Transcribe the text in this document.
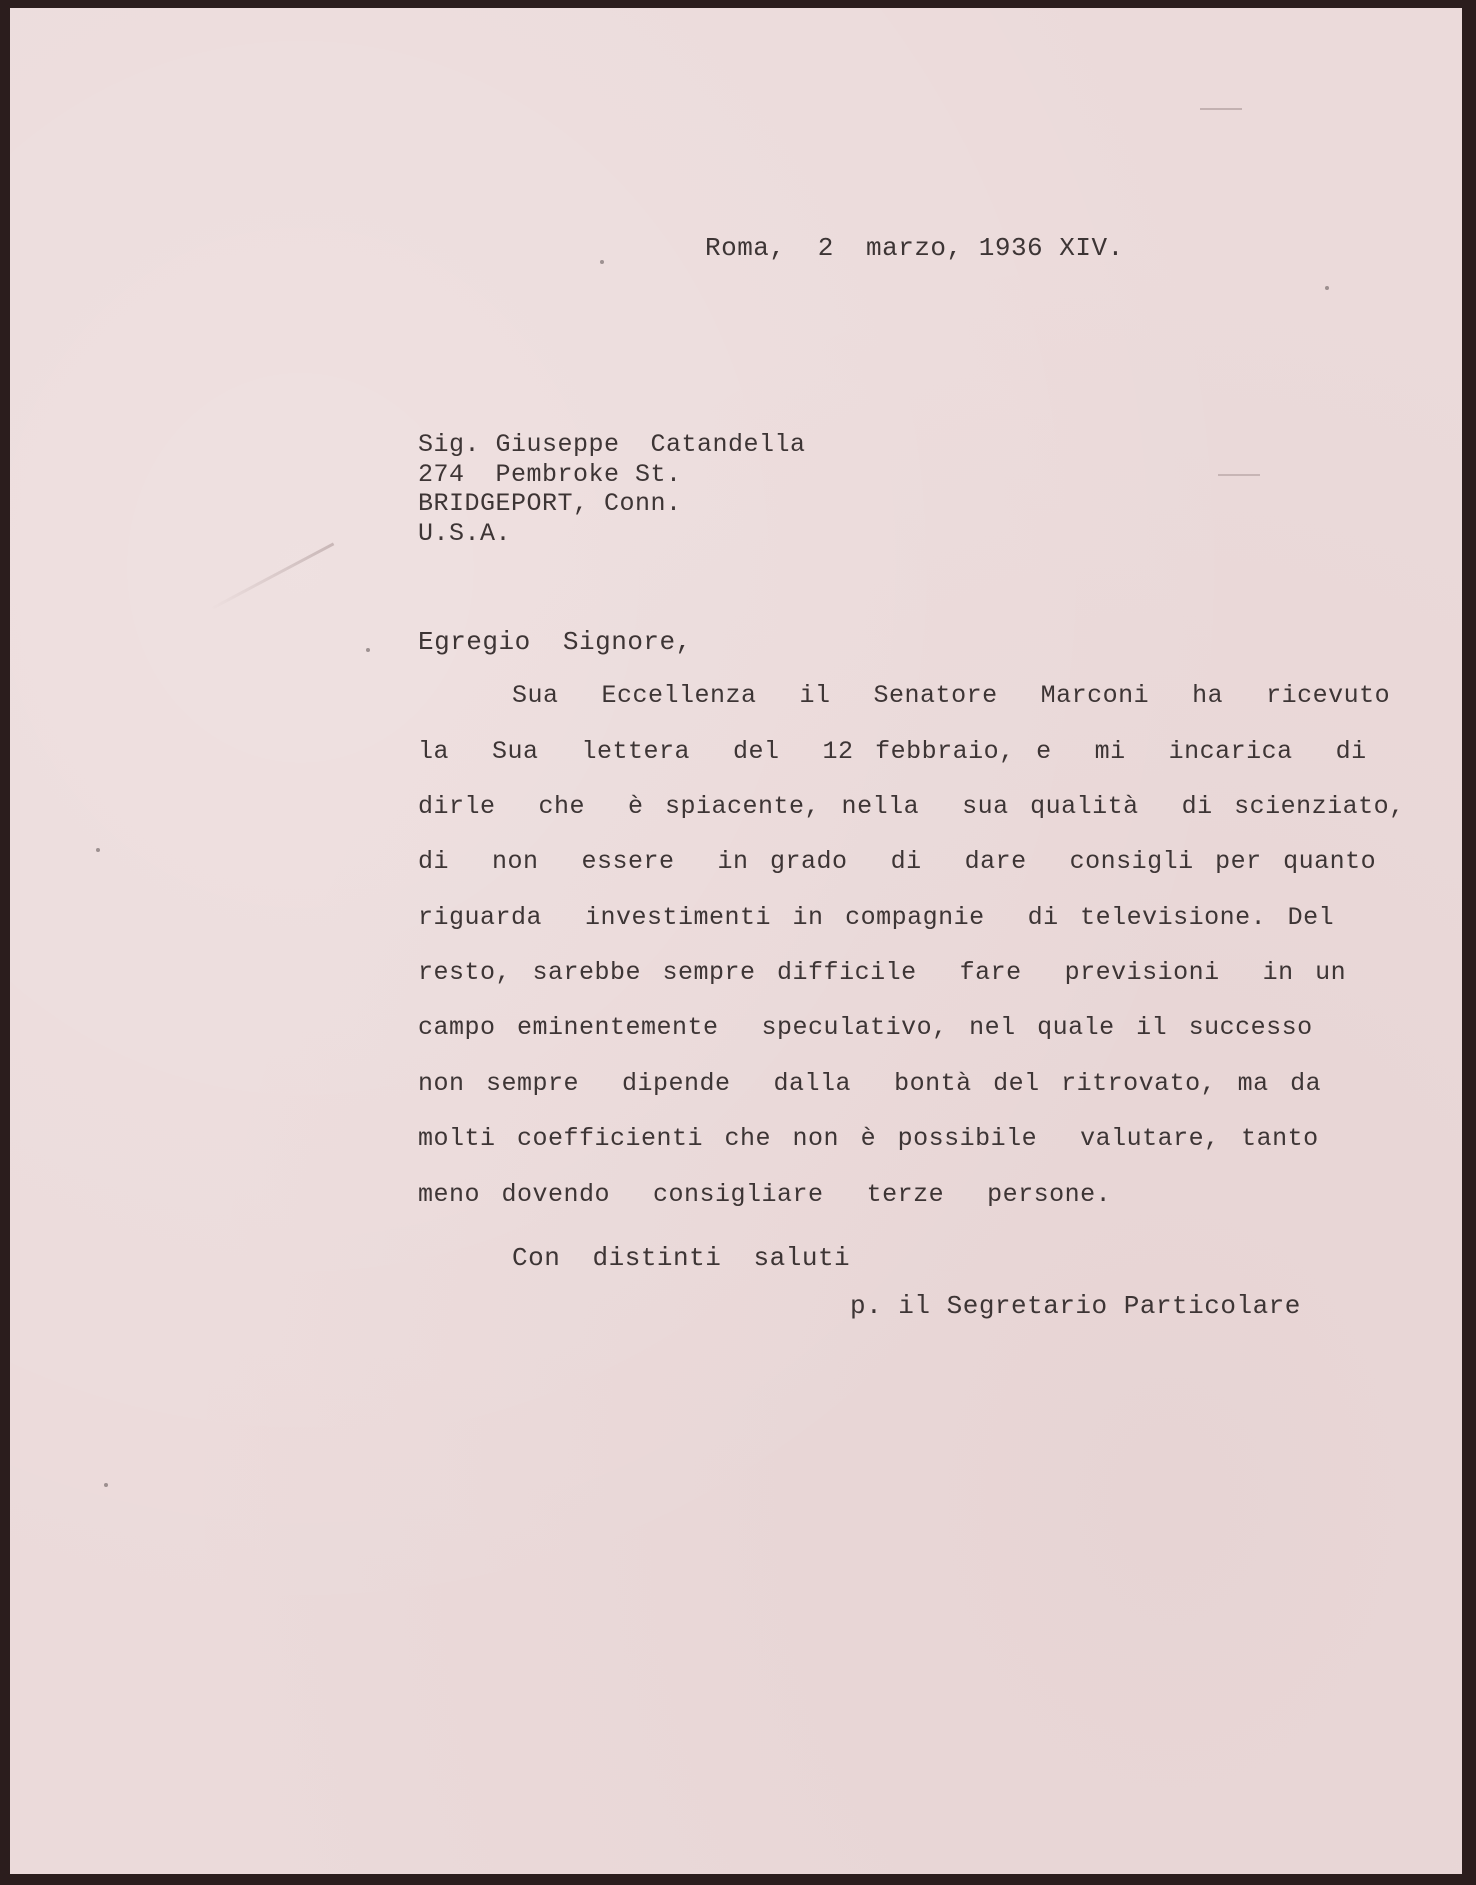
Roma,  2  marzo, 1936 XIV.
Sig. Giuseppe  Catandella
274  Pembroke St.
BRIDGEPORT, Conn.
U.S.A.
Egregio  Signore,
Sua  Eccellenza  il  Senatore  Marconi  ha  ricevuto
la  Sua  lettera  del  12 febbraio, e  mi  incarica  di
dirle  che  è spiacente, nella  sua qualità  di scienziato,
di  non  essere  in grado  di  dare  consigli per quanto
riguarda  investimenti in compagnie  di televisione. Del
resto, sarebbe sempre difficile  fare  previsioni  in un
campo eminentemente  speculativo, nel quale il successo
non sempre  dipende  dalla  bontà del ritrovato, ma da
molti coefficienti che non è possibile  valutare, tanto
meno dovendo  consigliare  terze  persone.
Con  distinti  saluti
p. il Segretario Particolare
